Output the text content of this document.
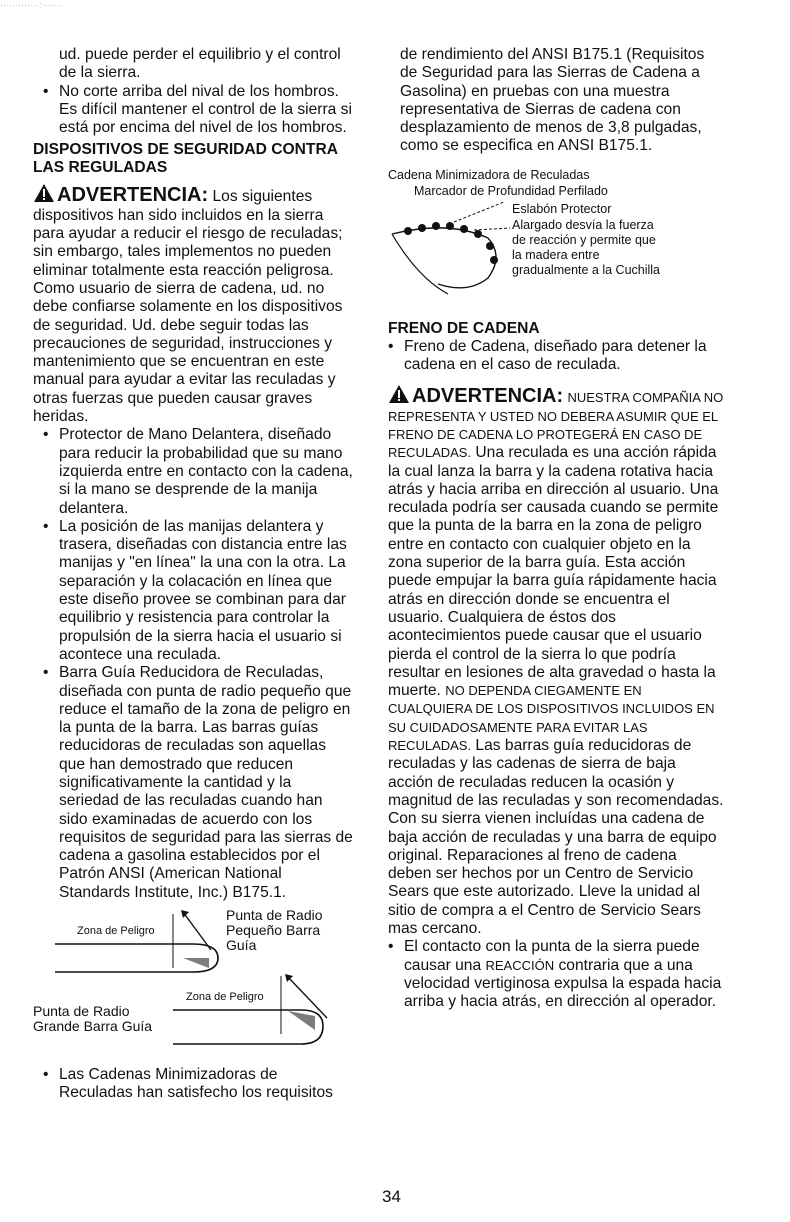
·············:·······

ud. puede perder el equilibrio y el control de la sierra.

• No corte arriba del nival de los hombros. Es difícil mantener el control de la sierra si está por encima del nivel de los hombros.

DISPOSITIVOS DE SEGURIDAD CONTRA LAS REGULADAS

ADVERTENCIA: Los siguientes dispositivos han sido incluidos en la sierra para ayudar a reducir el riesgo de reculadas; sin embargo, tales implementos no pueden eliminar totalmente esta reacción peligrosa. Como usuario de sierra de cadena, ud. no debe confiarse solamente en los dispositivos de seguridad. Ud. debe seguir todas las precauciones de seguridad, instrucciones y mantenimiento que se encuentran en este manual para ayudar a evitar las reculadas y otras fuerzas que pueden causar graves heridas.

• Protector de Mano Delantera, diseñado para reducir la probabilidad que su mano izquierda entre en contacto con la cadena, si la mano se desprende de la manija delantera.

• La posición de las manijas delantera y trasera, diseñadas con distancia entre las manijas y "en línea" la una con la otra. La separación y la colacación en línea que este diseño provee se combinan para dar equilibrio y resistencia para controlar la propulsión de la sierra hacia el usuario si acontece una reculada.

• Barra Guía Reducidora de Reculadas, diseñada con punta de radio pequeño que reduce el tamaño de la zona de peligro en la punta de la barra. Las barras guías reducidoras de reculadas son aquellas que han demostrado que reducen significativamente la cantidad y la seriedad de las reculadas cuando han sido examinadas de acuerdo con los requisitos de seguridad para las sierras de cadena a gasolina establecidos por el Patrón ANSI (American National Standards Institute, Inc.) B175.1.

Punta de Radio Pequeño Barra Guía
Zona de Peligro
Zona de Peligro
Punta de Radio Grande Barra Guía

• Las Cadenas Minimizadoras de Reculadas han satisfecho los requisitos

de rendimiento del ANSI B175.1 (Requisitos de Seguridad para las Sierras de Cadena a Gasolina) en pruebas con una muestra representativa de Sierras de cadena con desplazamiento de menos de 3,8 pulgadas, como se especifica en ANSI B175.1.

Cadena Minimizadora de Reculadas
Marcador de Profundidad Perfilado
Eslabón Protector
Alargado desvía la fuerza de reacción y permite que la madera entre gradualmente a la Cuchilla

FRENO DE CADENA

• Freno de Cadena, diseñado para detener la cadena en el caso de reculada.

ADVERTENCIA: NUESTRA COMPAÑIA NO REPRESENTA Y USTED NO DEBERA ASUMIR QUE EL FRENO DE CADENA LO PROTEGERÁ EN CASO DE RECULADAS. Una reculada es una acción rápida la cual lanza la barra y la cadena rotativa hacia atrás y hacia arriba en dirección al usuario. Una reculada podría ser causada cuando se permite que la punta de la barra en la zona de peligro entre en contacto con cualquier objeto en la zona superior de la barra guía. Esta acción puede empujar la barra guía rápidamente hacia atrás en dirección donde se encuentra el usuario. Cualquiera de éstos dos acontecimientos puede causar que el usuario pierda el control de la sierra lo que podría resultar en lesiones de alta gravedad o hasta la muerte. NO DEPENDA CIEGAMENTE EN CUALQUIERA DE LOS DISPOSITIVOS INCLUIDOS EN SU CUIDADOSAMENTE PARA EVITAR LAS RECULADAS. Las barras guía reducidoras de reculadas y las cadenas de sierra de baja acción de reculadas reducen la ocasión y magnitud de las reculadas y son recomendadas. Con su sierra vienen incluídas una cadena de baja acción de reculadas y una barra de equipo original. Reparaciones al freno de cadena deben ser hechos por un Centro de Servicio Sears que este autorizado. Lleve la unidad al sitio de compra a el Centro de Servicio Sears mas cercano.

• El contacto con la punta de la sierra puede causar una REACCIÓN contraria que a una velocidad vertiginosa expulsa la espada hacia arriba y hacia atrás, en dirección al operador.

34
